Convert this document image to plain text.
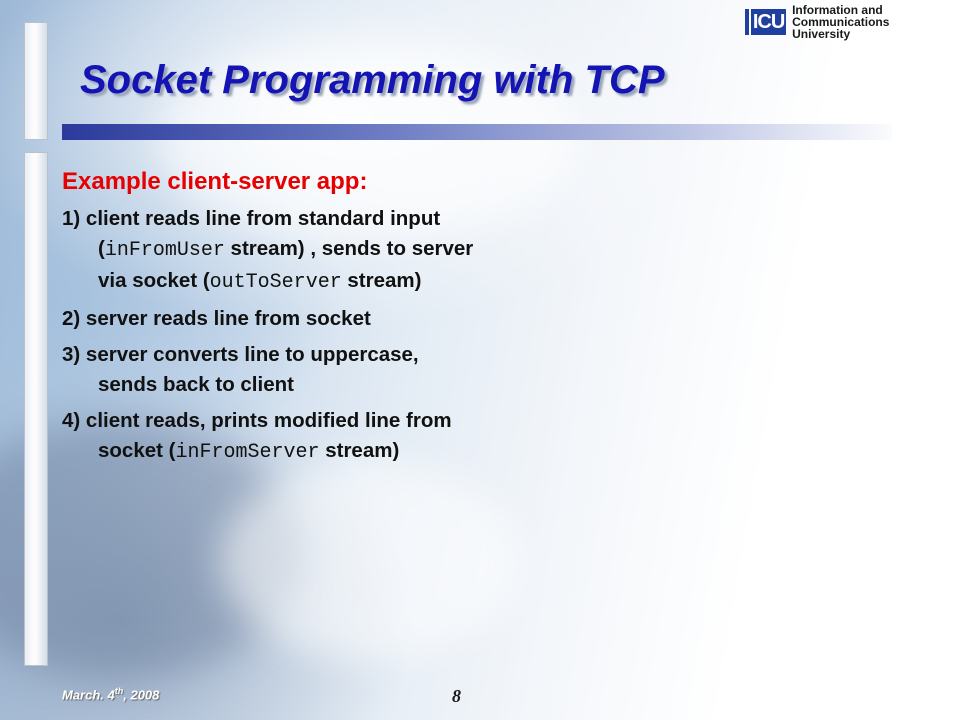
ICU
Information and Communications
University
Socket Programming with TCP

Example client-server app:

1) client reads line from standard input (inFromUser stream) , sends to server via socket (outToServer stream)

2) server reads line from socket

3) server converts line to uppercase, sends back to client

4) client reads, prints modified line from socket (inFromServer stream)

March. 4th, 2008	8
